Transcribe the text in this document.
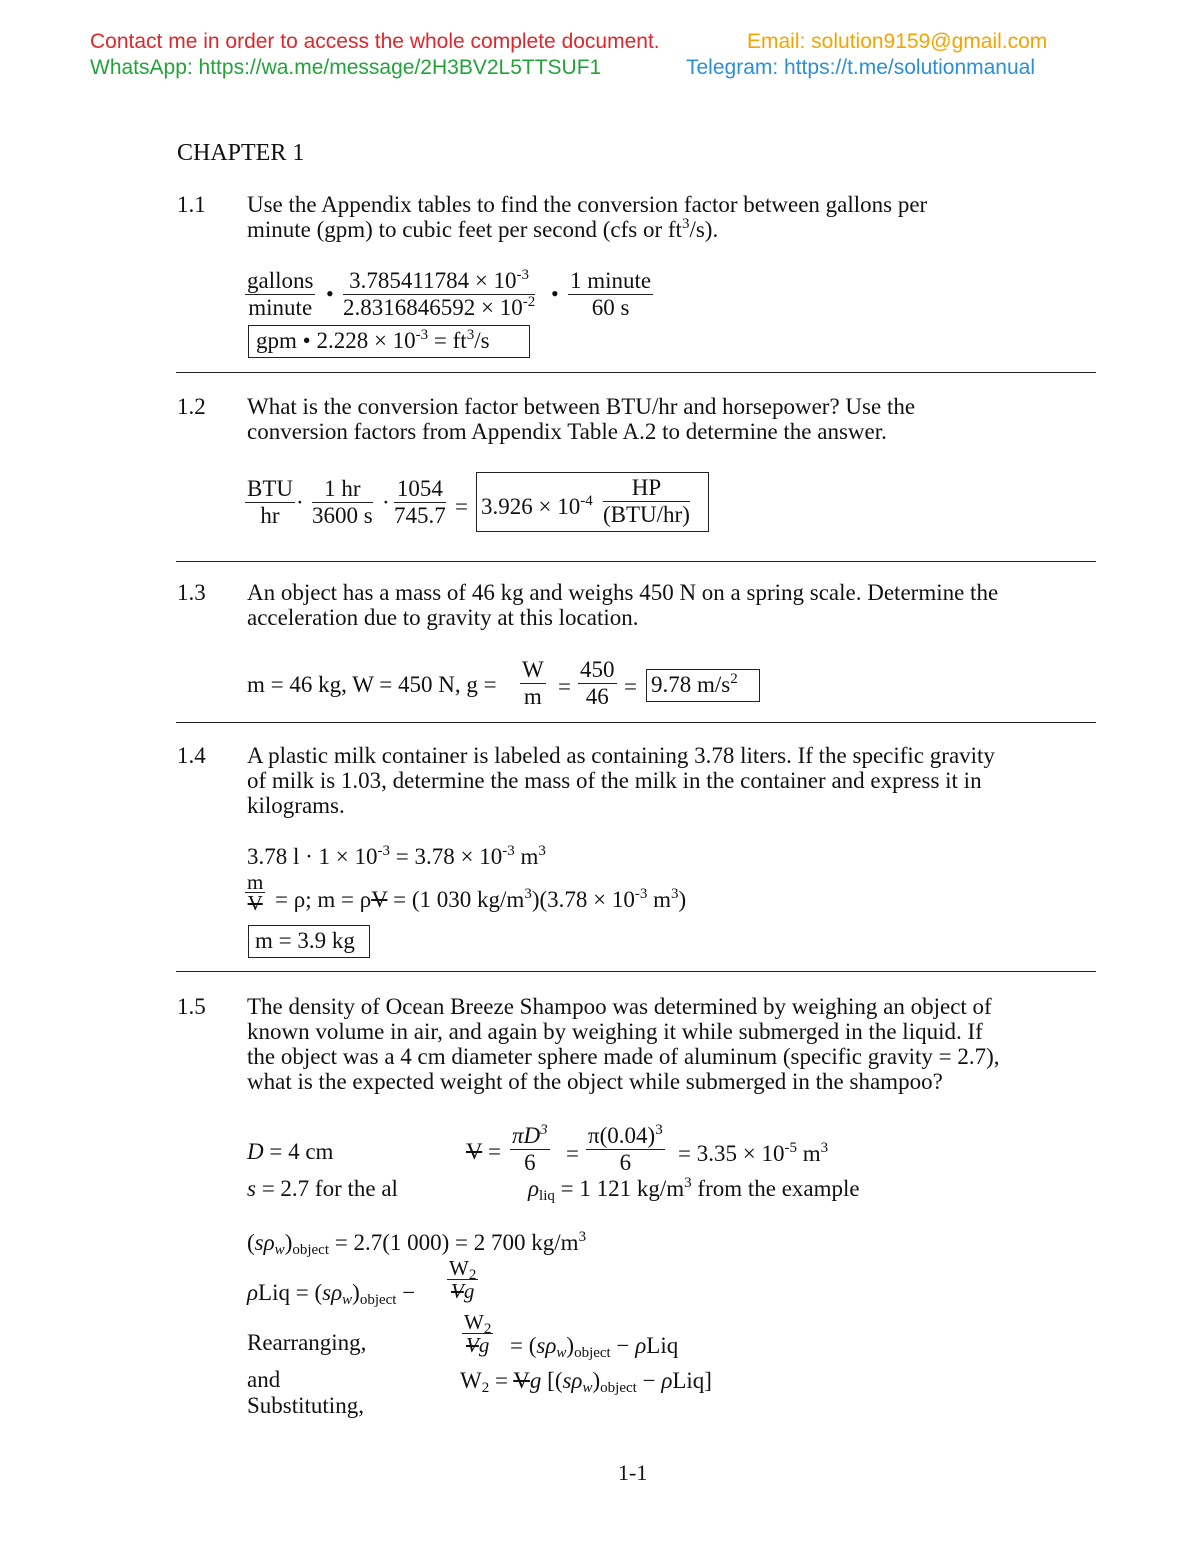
Contact me in order to access the whole complete document.	Email: solution9159@gmail.com
WhatsApp: https://wa.me/message/2H3BV2L5TTSUF1	Telegram: https://t.me/solutionmanual
CHAPTER 1
1.1 Use the Appendix tables to find the conversion factor between gallons per
minute (gpm) to cubic feet per second (cfs or $ft^3/s$).
gallons
minute
• $\frac{3.785411784 \times 10^{-3}}{2.8316846592 \times 10^{-2}}$ •
1 minute
60 s
gpm • $2.228 \times 10^{-3} = ft^3/s$
1.2 What is the conversion factor between BTU/hr and horsepower? Use the
conversion factors from Appendix Table A.2 to determine the answer.
BTU
hr
· $\frac{1 hr}{3600 s} \cdot \frac{1054}{745.7} = 3.926 \times 10^{-4}$
HP
(BTU/hr)
1.3 An object has a mass of 46 kg and weighs 450 N on a spring scale. Determine the
acceleration due to gravity at this location.
m = 46 kg, W = 450 N, $g = \frac{W}{m} = \frac{450}{46} = 9.78$ $m/s^2$
1.4 A plastic milk container is labeled as containing 3.78 liters. If the specific gravity
of milk is 1.03, determine the mass of the milk in the container and express it in
kilograms.
3.78 $l \cdot 1 \times 10^{-3} = 3.78 \times 10^{-3}$ $m^3$
$\frac{m}{V} = \rho$; m = ρV = (1 030 $kg/m^3)(3.78 \times 10^{-3}$ $m^3$)
m = 3.9 kg
1.5 The density of Ocean Breeze Shampoo was determined by weighing an object of
known volume in air, and again by weighing it while submerged in the liquid. If
the object was a 4 cm diameter sphere made of aluminum (specific gravity = 2.7),
what is the expected weight of the object while submerged in the shampoo?
D = 4 cm	$V = \frac{\pi D^3}{6} = \frac{\pi(0.04)^3}{6} = 3.35 \times 10^{-5}$ $m^3$
s = 2.7 for the al	$\rho_{liq} = 1$ 121 $kg/m^3$ from the example
$(s\rho_w)_{object} = 2.7(1$ 000) = 2 700 $kg/m^3$
$\rho Liq = (s\rho_w)_{object} - \frac{W_2}{Vg}$
Rearranging,	$\frac{W_2}{Vg} = (s\rho_w)_{object} - \rho Liq$
and
Substituting,
$W_2 = Vg$ $[(s\rho_w)_{object} - \rho Liq]$
1-1
